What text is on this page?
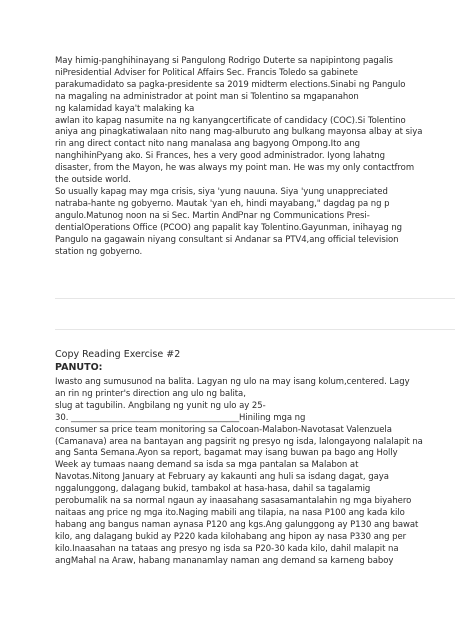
May himig-panghihinayang si Pangulong Rodrigo Duterte sa napipintong pagalis
niPresidential Adviser for Political Affairs Sec. Francis Toledo sa gabinete
parakumadidato sa pagka-presidente sa 2019 midterm elections.Sinabi ng Pangulo
na magaling na administrador at point man si Tolentino sa mgapanahon
ng kalamidad kaya't malaking ka
awlan ito kapag nasumite na ng kanyangcertificate of candidacy (COC).Si Tolentino
aniya ang pinagkatiwalaan nito nang mag-alburuto ang bulkang mayonsa albay at siya
rin ang direct contact nito nang manalasa ang bagyong Ompong.Ito ang
nanghihinᏢyang ako. Si Frances, hes a very good administrador. Iyong lahatng
disaster, from the Mayon, he was always my point man. He was my only contactfrom
the outside world.
So usually kapag may mga crisis, siya 'yung nauuna. Siya 'yung unappreciated
natraba-hante ng gobyerno. Mautak 'yan eh, hindi mayabang," dagdag pa ng p
angulo.Matunog noon na si Sec. Martin AndᏢnar ng Communications Presi-
dentialOperations Office (PCOO) ang papalit kay Tolentino.Gayunman, inihayag ng
Pangulo na gagawain niyang consultant si Andanar sa PTV4,ang official television
station ng gobyerno.
Copy Reading Exercise #2
PANUTO:
Iwasto ang sumusunod na balita. Lagyan ng ulo na may isang kolum,centered. Lagy
an rin ng printer's direction ang ulo ng balita,
slug at tagubilin. Angbilang ng yunit ng ulo ay 25-
30. ________________________________________Hiniling mga ng
consumer sa price team monitoring sa Calocoan-Malabon-Navotasat Valenzuela
(Camanava) area na bantayan ang pagsirit ng presyo ng isda, lalongayong nalalapit na
ang Santa Semana.Ayon sa report, bagamat may isang buwan pa bago ang Holly
Week ay tumaas naang demand sa isda sa mga pantalan sa Malabon at
Navotas.Nitong January at February ay kakaunti ang huli sa isdang dagat, gaya
nggalunggong, dalagang bukid, tambakol at hasa-hasa, dahil sa tagalamig
perobumalik na sa normal ngaun ay inaasahang sasasamantalahin ng mga biyahero
naitaas ang price ng mga ito.Naging mabili ang tilapia, na nasa P100 ang kada kilo
habang ang bangus naman aynasa P120 ang kgs.Ang galunggong ay P130 ang bawat
kilo, ang dalagang bukid ay P220 kada kilohabang ang hipon ay nasa P330 ang per
kilo.Inaasahan na tataas ang presyo ng isda sa P20-30 kada kilo, dahil malapit na
angMahal na Araw, habang mananamlay naman ang demand sa karneng baboy
